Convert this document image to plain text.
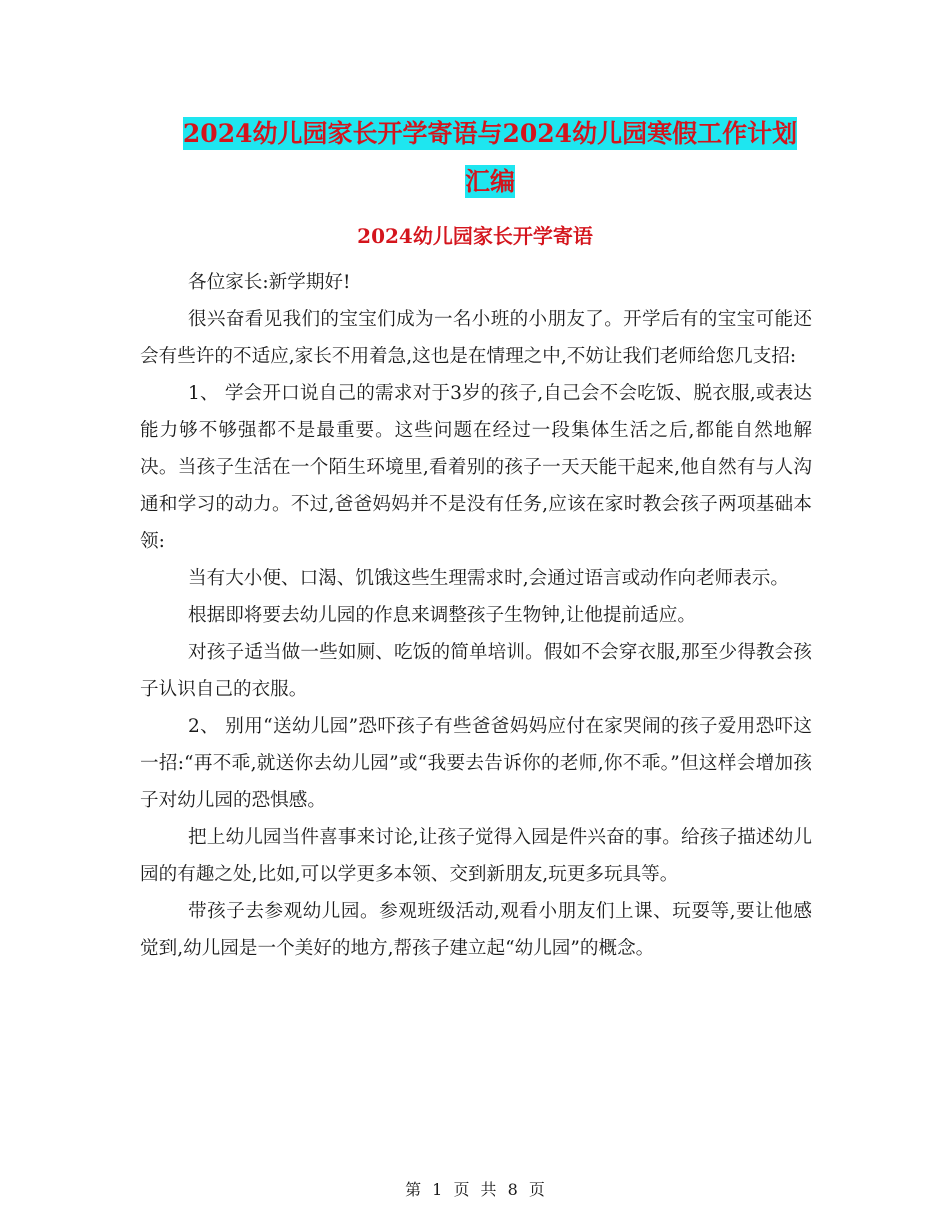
2024幼儿园家长开学寄语与2024幼儿园寒假工作计划
汇编
2024幼儿园家长开学寄语

各位家长:新学期好!

很兴奋看见我们的宝宝们成为一名小班的小朋友了。开学后有的宝宝可能还会有些许的不适应,家长不用着急,这也是在情理之中,不妨让我们老师给您几支招:

1、 学会开口说自己的需求对于3岁的孩子,自己会不会吃饭、脱衣服,或表达能力够不够强都不是最重要。这些问题在经过一段集体生活之后,都能自然地解决。当孩子生活在一个陌生环境里,看着别的孩子一天天能干起来,他自然有与人沟通和学习的动力。不过,爸爸妈妈并不是没有任务,应该在家时教会孩子两项基础本领:

当有大小便、口渴、饥饿这些生理需求时,会通过语言或动作向老师表示。

根据即将要去幼儿园的作息来调整孩子生物钟,让他提前适应。

对孩子适当做一些如厕、吃饭的简单培训。假如不会穿衣服,那至少得教会孩子认识自己的衣服。

2、 别用“送幼儿园”恐吓孩子有些爸爸妈妈应付在家哭闹的孩子爱用恐吓这一招:“再不乖,就送你去幼儿园”或“我要去告诉你的老师,你不乖。”但这样会增加孩子对幼儿园的恐惧感。

把上幼儿园当件喜事来讨论,让孩子觉得入园是件兴奋的事。给孩子描述幼儿园的有趣之处,比如,可以学更多本领、交到新朋友,玩更多玩具等。

带孩子去参观幼儿园。参观班级活动,观看小朋友们上课、玩耍等,要让他感觉到,幼儿园是一个美好的地方,帮孩子建立起“幼儿园”的概念。

第 1 页 共 8 页
